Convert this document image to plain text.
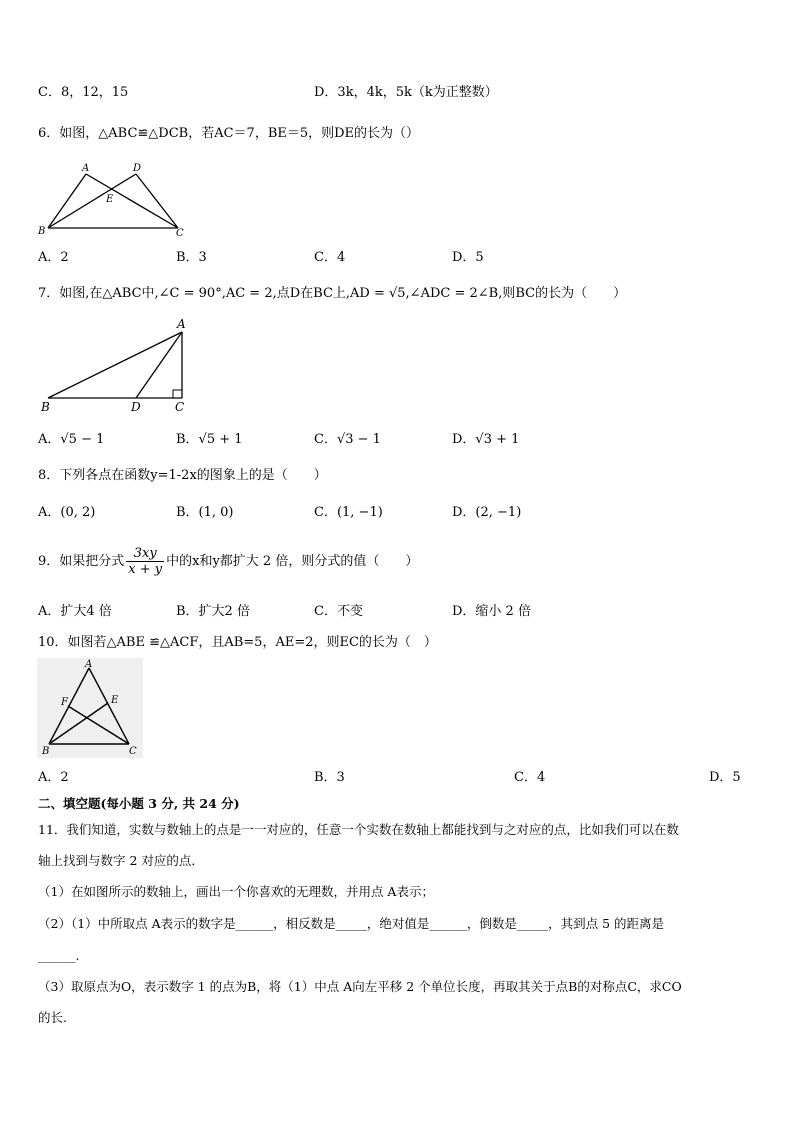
C．8，12，15	D．3k，4k，5k（k为正整数）
6．如图，△ABC≌△DCB，若AC＝7，BE＝5，则DE的长为（）
A	D
E
B	C
A．2	B．3	C．4	D．5
7．如图,在△ABC中,∠C = 90°,AC = 2,点D在BC上,AD = √5,∠ADC = 2∠B,则BC的长为（　　）
A
B	D	C
A．√5 − 1	B．√5 + 1	C．√3 − 1	D．√3 + 1
8．下列各点在函数y=1-2x的图象上的是（　　）
A．(0, 2)	B．(1, 0)	C．(1, −1)	D．(2, −1)
9．如果把分式 $\frac{3xy}{x + y}$ 中的x和y都扩大 2 倍，则分式的值（　　）
A．扩大4 倍	B．扩大2 倍	C．不变	D．缩小 2 倍
10．如图若△ABE ≌△ACF，且AB=5，AE=2，则EC的长为（　）
A
F	E
B	C
A．2	B．3	C．4	D．5
二、填空题(每小题 3 分, 共 24 分)
11．我们知道，实数与数轴上的点是一一对应的，任意一个实数在数轴上都能找到与之对应的点，比如我们可以在数
轴上找到与数字 2 对应的点．
（1）在如图所示的数轴上，画出一个你喜欢的无理数，并用点 A表示；
（2）（1）中所取点 A表示的数字是______，相反数是_____，绝对值是______，倒数是_____，其到点 5 的距离是
______.
（3）取原点为O，表示数字 1 的点为B，将（1）中点 A向左平移 2 个单位长度，再取其关于点B的对称点C，求CO
的长.
